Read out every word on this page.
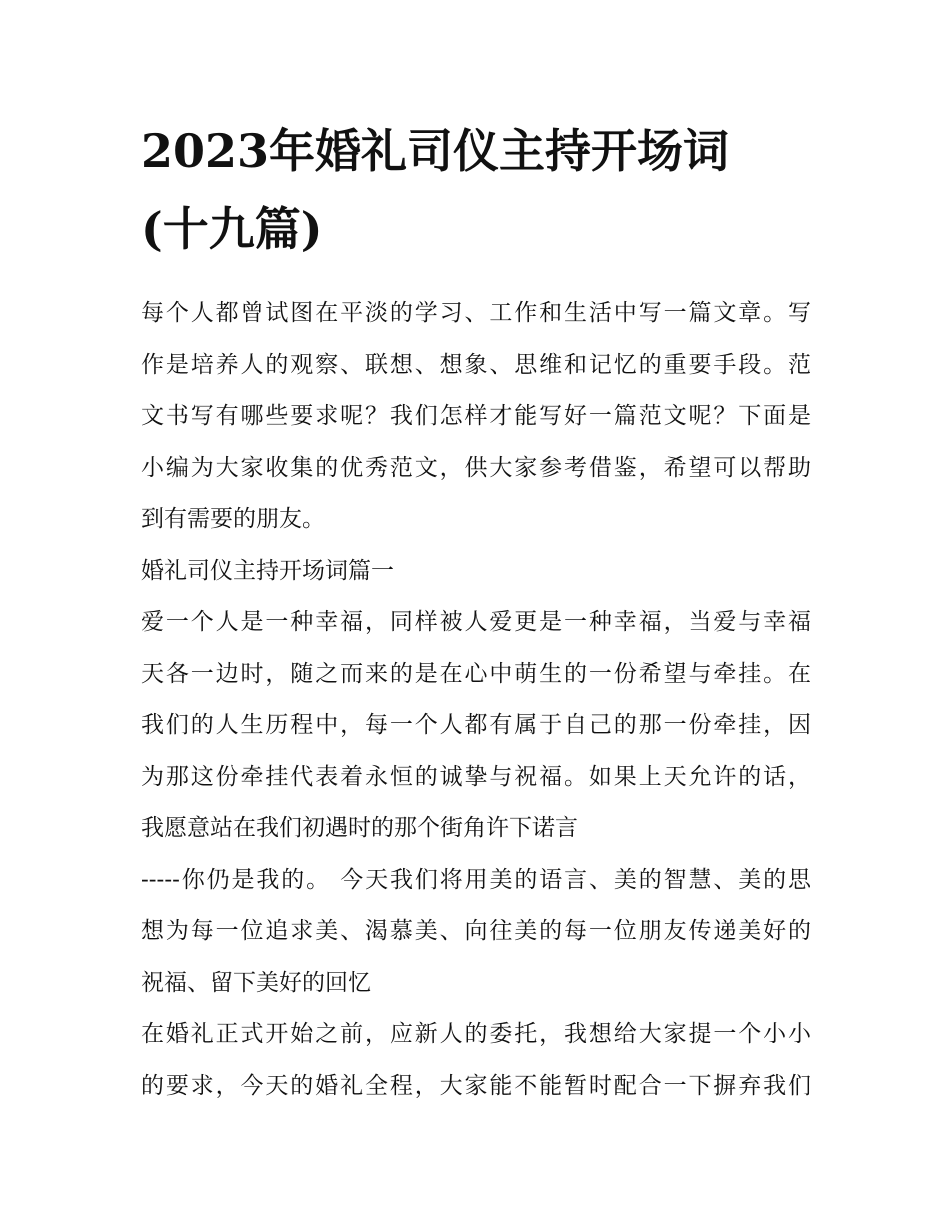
2023年婚礼司仪主持开场词
(十九篇)

每个人都曾试图在平淡的学习、工作和生活中写一篇文章。写
作是培养人的观察、联想、想象、思维和记忆的重要手段。范
文书写有哪些要求呢？我们怎样才能写好一篇范文呢？下面是
小编为大家收集的优秀范文，供大家参考借鉴，希望可以帮助
到有需要的朋友。

婚礼司仪主持开场词篇一

爱一个人是一种幸福，同样被人爱更是一种幸福，当爱与幸福
天各一边时，随之而来的是在心中萌生的一份希望与牵挂。在
我们的人生历程中，每一个人都有属于自己的那一份牵挂，因
为那这份牵挂代表着永恒的诚挚与祝福。如果上天允许的话，
我愿意站在我们初遇时的那个街角许下诺言

-----你仍是我的。 今天我们将用美的语言、美的智慧、美的思
想为每一位追求美、渴慕美、向往美的每一位朋友传递美好的
祝福、留下美好的回忆

在婚礼正式开始之前，应新人的委托，我想给大家提一个小小
的要求，今天的婚礼全程，大家能不能暂时配合一下摒弃我们
